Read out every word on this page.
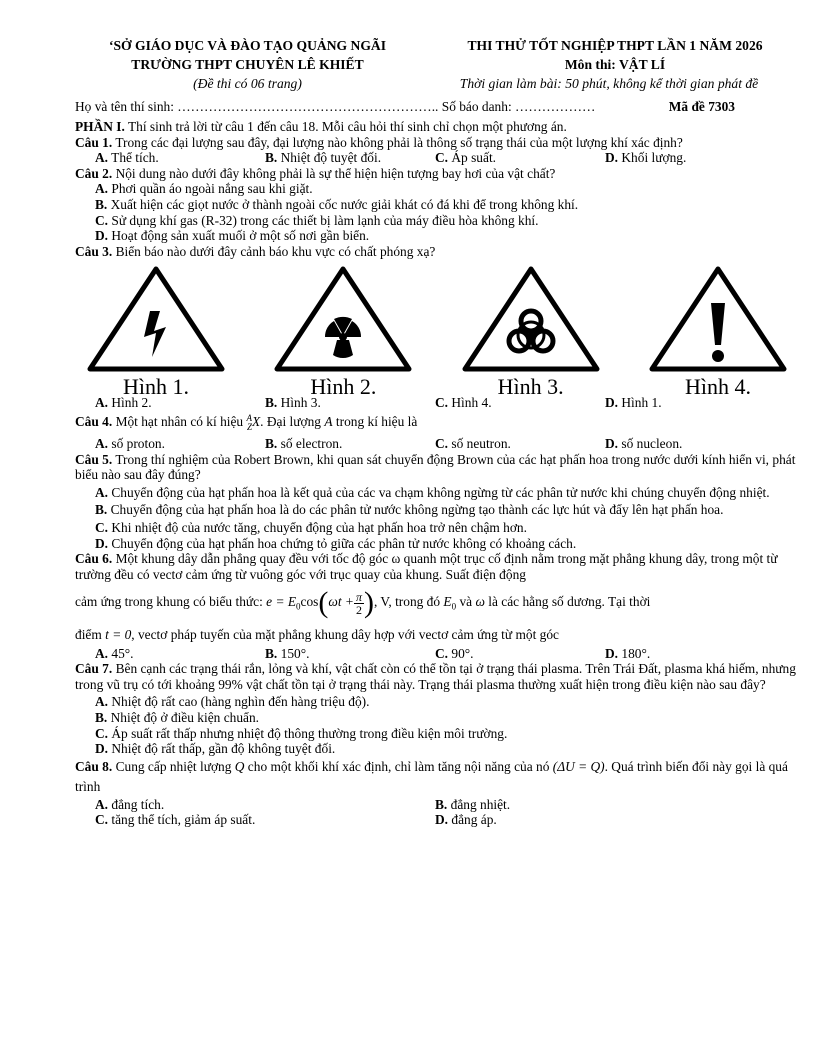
‘SỞ GIÁO DỤC VÀ ĐÀO TẠO QUẢNG NGÃI
TRƯỜNG THPT CHUYÊN LÊ KHIẾT
(Đề thi có 06 trang)
THI THỬ TỐT NGHIỆP THPT LẦN 1 NĂM 2026
Môn thi: VẬT LÍ
Thời gian làm bài: 50 phút, không kể thời gian phát đề
Họ và tên thí sinh: ………………………………………………….. Số báo danh: ………………	Mã đề 7303
PHẦN I. Thí sinh trả lời từ câu 1 đến câu 18. Mỗi câu hỏi thí sinh chỉ chọn một phương án.
Câu 1. Trong các đại lượng sau đây, đại lượng nào không phải là thông số trạng thái của một lượng khí xác định?
A. Thể tích.	B. Nhiệt độ tuyệt đối.	C. Áp suất.	D. Khối lượng.
Câu 2. Nội dung nào dưới đây không phải là sự thể hiện hiện tượng bay hơi của vật chất?
A. Phơi quần áo ngoài nắng sau khi giặt.
B. Xuất hiện các giọt nước ở thành ngoài cốc nước giải khát có đá khi để trong không khí.
C. Sử dụng khí gas (R-32) trong các thiết bị làm lạnh của máy điều hòa không khí.
D. Hoạt động sản xuất muối ở một số nơi gần biển.
Câu 3. Biển báo nào dưới đây cảnh báo khu vực có chất phóng xạ?
Hình 1.	Hình 2.	Hình 3.	Hình 4.
A. Hình 2.	B. Hình 3.	C. Hình 4.	D. Hình 1.
Câu 4. Một hạt nhân có kí hiệu A
Z X. Đại lượng A trong kí hiệu là
A. số proton.	B. số electron.	C. số neutron.	D. số nucleon.
Câu 5. Trong thí nghiệm của Robert Brown, khi quan sát chuyển động Brown của các hạt phấn hoa trong nước dưới kính hiển vi, phát biểu nào sau đây đúng?
A. Chuyển động của hạt phấn hoa là kết quả của các va chạm không ngừng từ các phân tử nước khi chúng chuyển động nhiệt.
B. Chuyển động của hạt phấn hoa là do các phân tử nước không ngừng tạo thành các lực hút và đẩy lên hạt phấn hoa.
C. Khi nhiệt độ của nước tăng, chuyển động của hạt phấn hoa trở nên chậm hơn.
D. Chuyển động của hạt phấn hoa chứng tỏ giữa các phân tử nước không có khoảng cách.
Câu 6. Một khung dây dẫn phẳng quay đều với tốc độ góc ω quanh một trục cố định nằm trong mặt phẳng khung dây, trong một từ trường đều có vectơ cảm ứng từ vuông góc với trục quay của khung. Suất điện động
cảm ứng trong khung có biểu thức: $e = E_0\cos(\omega t + \frac{\pi}{2}$ ), V, trong đó $E_0$ và ω là các hằng số dương. Tại thời
điểm t = 0, vectơ pháp tuyến của mặt phẳng khung dây hợp với vectơ cảm ứng từ một góc
A. 45°.	B. 150°.	C. 90°.	D. 180°.
Câu 7. Bên cạnh các trạng thái rắn, lỏng và khí, vật chất còn có thể tồn tại ở trạng thái plasma. Trên Trái Đất, plasma khá hiếm, nhưng trong vũ trụ có tới khoảng 99% vật chất tồn tại ở trạng thái này. Trạng thái plasma thường xuất hiện trong điều kiện nào sau đây?
A. Nhiệt độ rất cao (hàng nghìn đến hàng triệu độ).
B. Nhiệt độ ở điều kiện chuẩn.
C. Áp suất rất thấp nhưng nhiệt độ thông thường trong điều kiện môi trường.
D. Nhiệt độ rất thấp, gần độ không tuyệt đối.
Câu 8. Cung cấp nhiệt lượng Q cho một khối khí xác định, chỉ làm tăng nội năng của nó (ΔU = Q). Quá trình biến đổi này gọi là quá trình
A. đẳng tích.	B. đẳng nhiệt.
C. tăng thể tích, giảm áp suất.	D. đẳng áp.
